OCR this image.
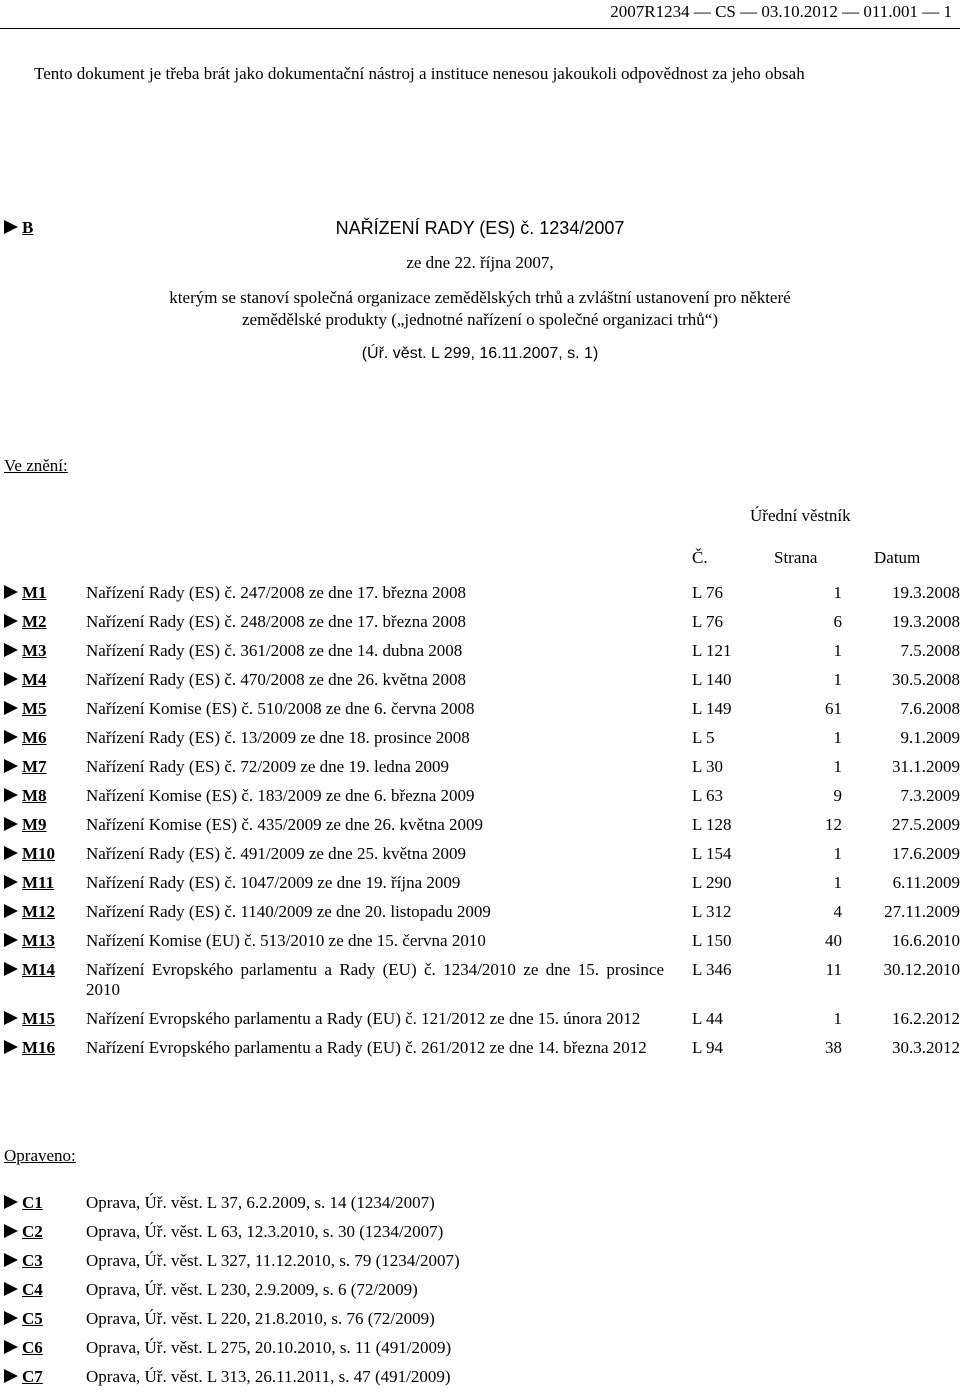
2007R1234 — CS — 03.10.2012 — 011.001 — 1
Tento dokument je třeba brát jako dokumentační nástroj a instituce nenesou jakoukoli odpovědnost za jeho obsah
B	NAŘÍZENÍ RADY (ES) č. 1234/2007
ze dne 22. října 2007,
kterým se stanoví společná organizace zemědělských trhů a zvláštní ustanovení pro některé
zemědělské produkty („jednotné nařízení o společné organizaci trhů“)
(Úř. věst. L 299, 16.11.2007, s. 1)
Ve znění:
Úřední věstník
Č.	Strana	Datum
M1	Nařízení Rady (ES) č. 247/2008 ze dne 17. března 2008	L 76	1	19.3.2008
M2	Nařízení Rady (ES) č. 248/2008 ze dne 17. března 2008	L 76	6	19.3.2008
M3	Nařízení Rady (ES) č. 361/2008 ze dne 14. dubna 2008	L 121	1	7.5.2008
M4	Nařízení Rady (ES) č. 470/2008 ze dne 26. května 2008	L 140	1	30.5.2008
M5	Nařízení Komise (ES) č. 510/2008 ze dne 6. června 2008	L 149	61	7.6.2008
M6	Nařízení Rady (ES) č. 13/2009 ze dne 18. prosince 2008	L 5	1	9.1.2009
M7	Nařízení Rady (ES) č. 72/2009 ze dne 19. ledna 2009	L 30	1	31.1.2009
M8	Nařízení Komise (ES) č. 183/2009 ze dne 6. března 2009	L 63	9	7.3.2009
M9	Nařízení Komise (ES) č. 435/2009 ze dne 26. května 2009	L 128	12	27.5.2009
M10	Nařízení Rady (ES) č. 491/2009 ze dne 25. května 2009	L 154	1	17.6.2009
M11	Nařízení Rady (ES) č. 1047/2009 ze dne 19. října 2009	L 290	1	6.11.2009
M12	Nařízení Rady (ES) č. 1140/2009 ze dne 20. listopadu 2009	L 312	4	27.11.2009
M13	Nařízení Komise (EU) č. 513/2010 ze dne 15. června 2010	L 150	40	16.6.2010
M14	Nařízení Evropského parlamentu a Rady (EU) č. 1234/2010 ze dne 15. prosince 2010	L 346	11	30.12.2010
M15	Nařízení Evropského parlamentu a Rady (EU) č. 121/2012 ze dne 15. února 2012	L 44	1	16.2.2012
M16	Nařízení Evropského parlamentu a Rady (EU) č. 261/2012 ze dne 14. března 2012	L 94	38	30.3.2012
Opraveno:
C1	Oprava, Úř. věst. L 37, 6.2.2009, s. 14 (1234/2007)
C2	Oprava, Úř. věst. L 63, 12.3.2010, s. 30 (1234/2007)
C3	Oprava, Úř. věst. L 327, 11.12.2010, s. 79 (1234/2007)
C4	Oprava, Úř. věst. L 230, 2.9.2009, s. 6 (72/2009)
C5	Oprava, Úř. věst. L 220, 21.8.2010, s. 76 (72/2009)
C6	Oprava, Úř. věst. L 275, 20.10.2010, s. 11 (491/2009)
C7	Oprava, Úř. věst. L 313, 26.11.2011, s. 47 (491/2009)
